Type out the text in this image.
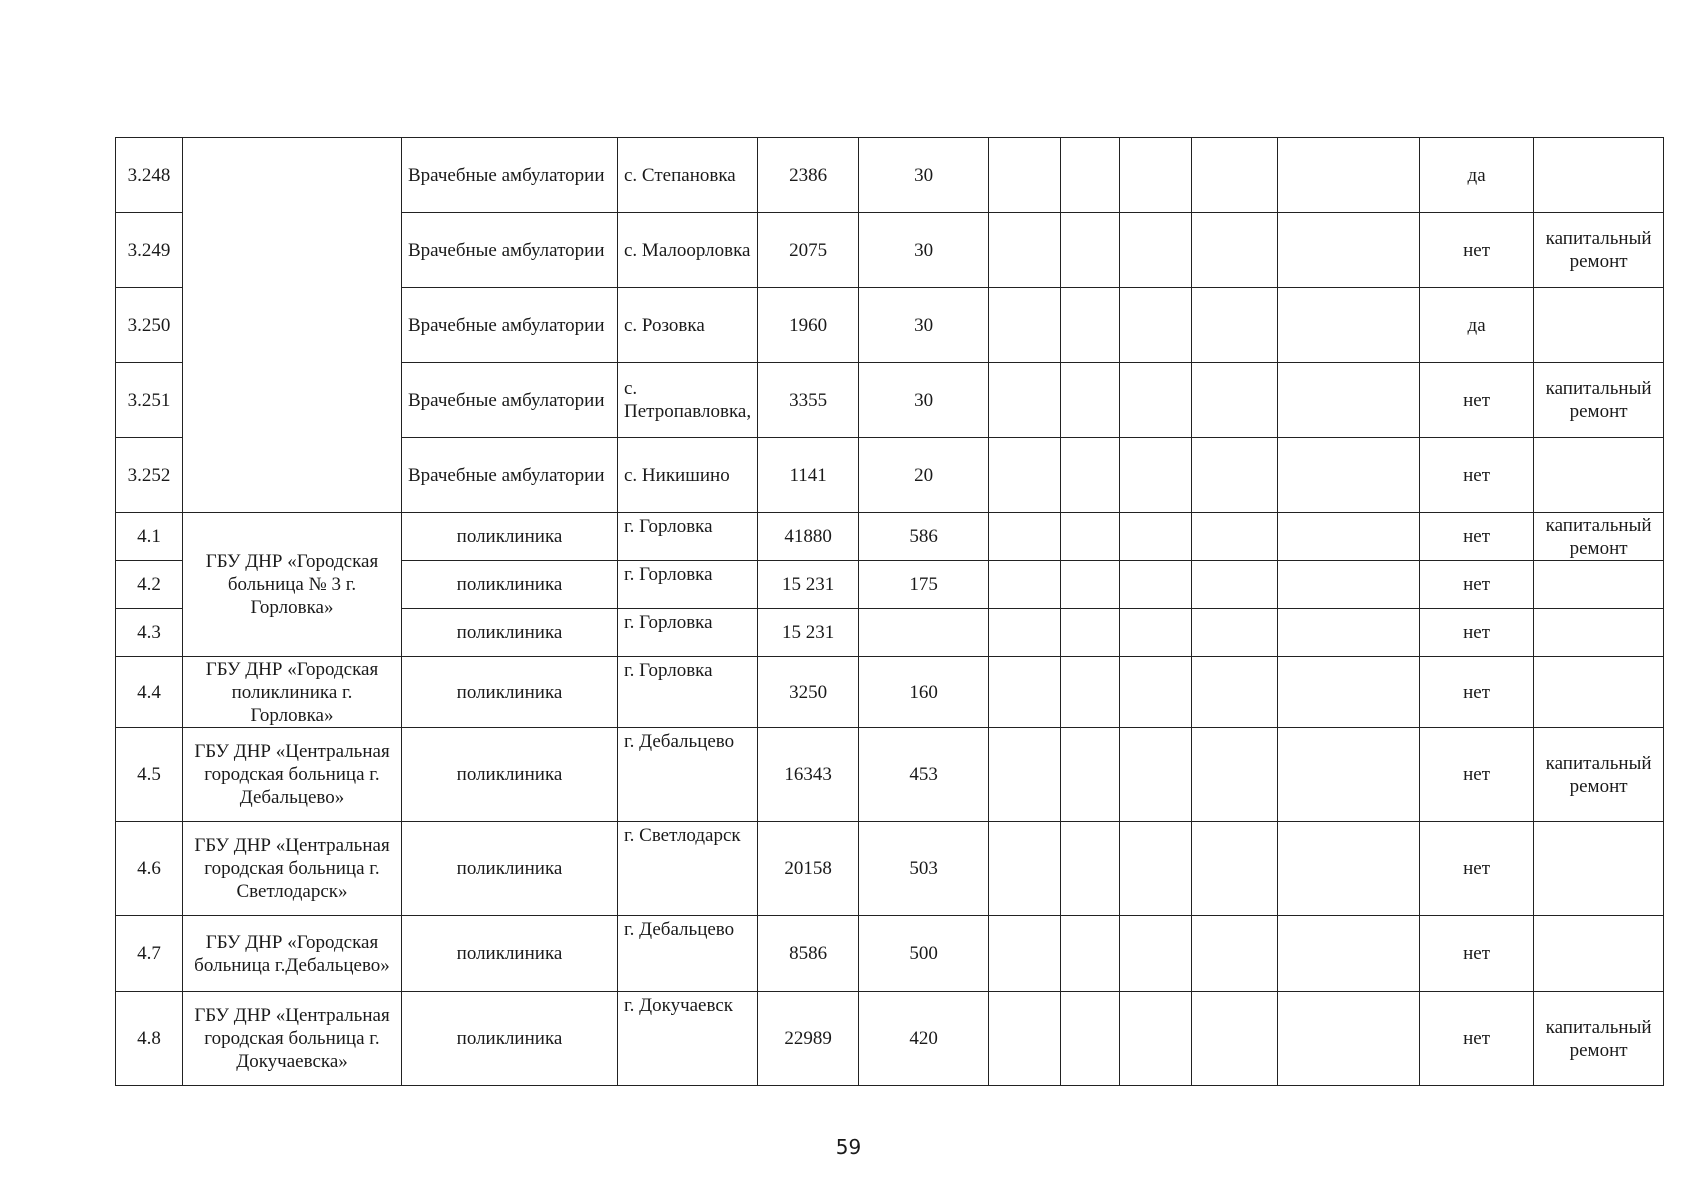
3.248		Врачебные амбулатории	с. Степановка	2386	30						да	
3.249		Врачебные амбулатории	с. Малоорловка	2075	30						нет	капитальный ремонт
3.250		Врачебные амбулатории	с. Розовка	1960	30						да	
3.251		Врачебные амбулатории	с. Петропавловка,	3355	30						нет	капитальный ремонт
3.252		Врачебные амбулатории	с. Никишино	1141	20						нет	
4.1	ГБУ ДНР «Городская больница № 3 г. Горловка»	поликлиника	г. Горловка	41880	586						нет	капитальный ремонт
4.2		поликлиника	г. Горловка	15 231	175						нет	
4.3		поликлиника	г. Горловка	15 231							нет	
4.4	ГБУ ДНР «Городская поликлиника г. Горловка»	поликлиника	г. Горловка	3250	160						нет	
4.5	ГБУ ДНР «Центральная городская больница г. Дебальцево»	поликлиника	г. Дебальцево	16343	453						нет	капитальный ремонт
4.6	ГБУ ДНР «Центральная городская больница г. Светлодарск»	поликлиника	г. Светлодарск	20158	503						нет	
4.7	ГБУ ДНР «Городская больница г.Дебальцево»	поликлиника	г. Дебальцево	8586	500						нет	
4.8	ГБУ ДНР «Центральная городская больница г. Докучаевска»	поликлиника	г. Докучаевск	22989	420						нет	капитальный ремонт
59
